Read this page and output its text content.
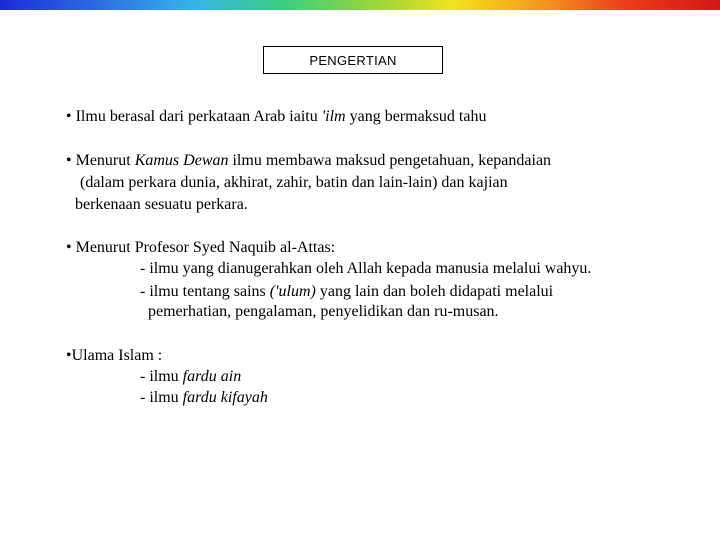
PENGERTIAN
• Ilmu berasal dari perkataan Arab iaitu 'ilm yang bermaksud tahu
• Menurut Kamus Dewan ilmu membawa maksud pengetahuan, kepandaian
(dalam perkara dunia, akhirat, zahir, batin dan lain-lain) dan kajian
berkenaan sesuatu perkara.
• Menurut Profesor Syed Naquib al-Attas:
- ilmu yang dianugerahkan oleh Allah kepada manusia melalui wahyu.
- ilmu tentang sains ('ulum) yang lain dan boleh didapati melalui
pemerhatian, pengalaman, penyelidikan dan ru-musan.
•Ulama Islam :
- ilmu fardu ain
- ilmu fardu kifayah
